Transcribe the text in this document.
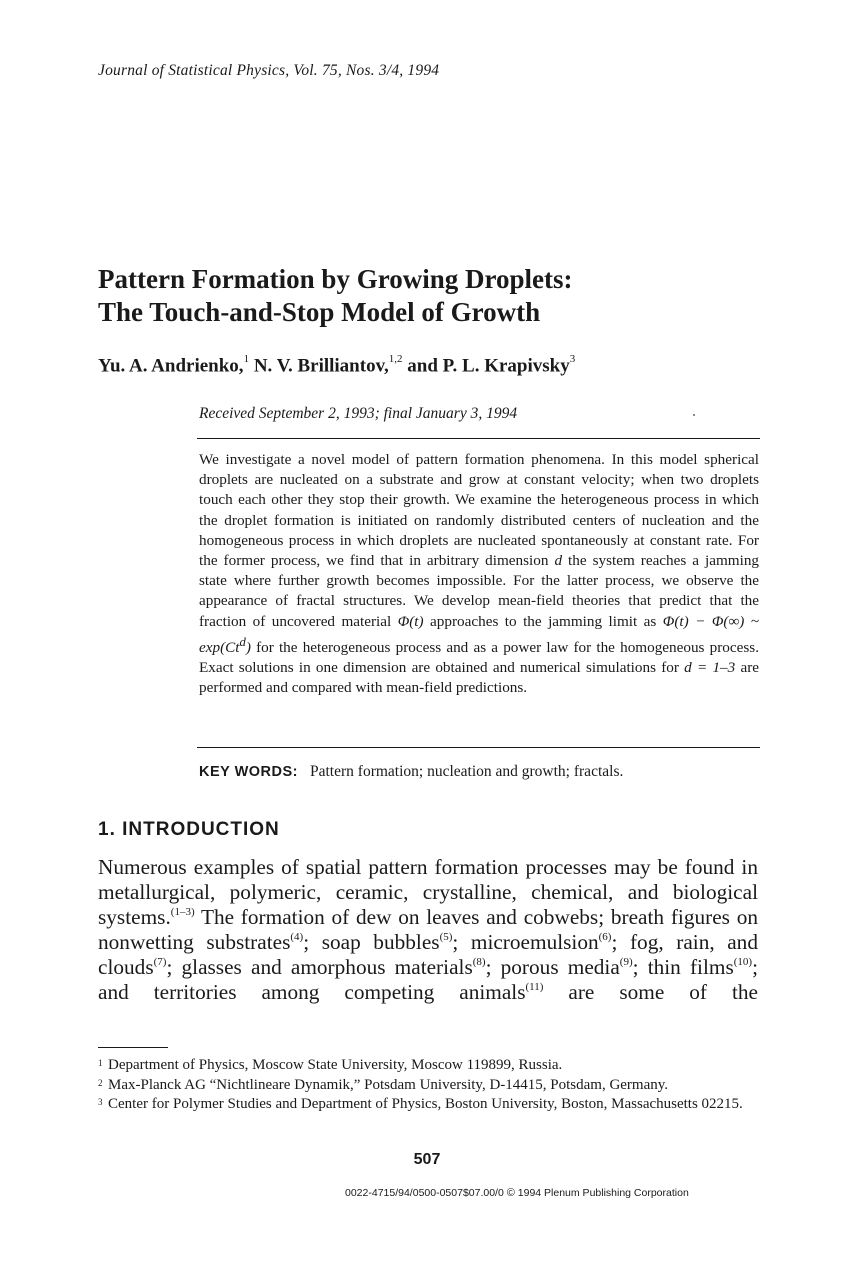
Journal of Statistical Physics, Vol. 75, Nos. 3/4, 1994
Pattern Formation by Growing Droplets:
The Touch-and-Stop Model of Growth
Yu. A. Andrienko,$^1$ N. V. Brilliantov,$^{1,2}$ and P. L. Krapivsky$^3$
Received September 2, 1993; final January 3, 1994
We investigate a novel model of pattern formation phenomena. In this model spherical droplets are nucleated on a substrate and grow at constant velocity; when two droplets touch each other they stop their growth. We examine the heterogeneous process in which the droplet formation is initiated on randomly distributed centers of nucleation and the homogeneous process in which droplets are nucleated spontaneously at constant rate. For the former process, we find that in arbitrary dimension d the system reaches a jamming state where further growth becomes impossible. For the latter process, we observe the appearance of fractal structures. We develop mean-field theories that predict that the fraction of uncovered material Φ(t) approaches to the jamming limit as Φ(t) − Φ(∞) ~ exp(Ct$^d$) for the heterogeneous process and as a power law for the homogeneous process. Exact solutions in one dimension are obtained and numerical simulations for d = 1–3 are performed and compared with mean-field predictions.
KEY WORDS: Pattern formation; nucleation and growth; fractals.
1. INTRODUCTION
Numerous examples of spatial pattern formation processes may be found in metallurgical, polymeric, ceramic, crystalline, chemical, and biological systems.$^{(1-3)}$ The formation of dew on leaves and cobwebs; breath figures on nonwetting substrates$^{(4)}$; soap bubbles$^{(5)}$; microemulsion$^{(6)}$; fog, rain, and clouds$^{(7)}$; glasses and amorphous materials$^{(8)}$; porous media$^{(9)}$; thin films$^{(10)}$; and territories among competing animals$^{(11)}$ are some of the
1 Department of Physics, Moscow State University, Moscow 119899, Russia.
2 Max-Planck AG “Nichtlineare Dynamik,” Potsdam University, D-14415, Potsdam, Germany.
3 Center for Polymer Studies and Department of Physics, Boston University, Boston, Massachusetts 02215.
507
0022-4715/94/0500-0507$07.00/0 © 1994 Plenum Publishing Corporation
